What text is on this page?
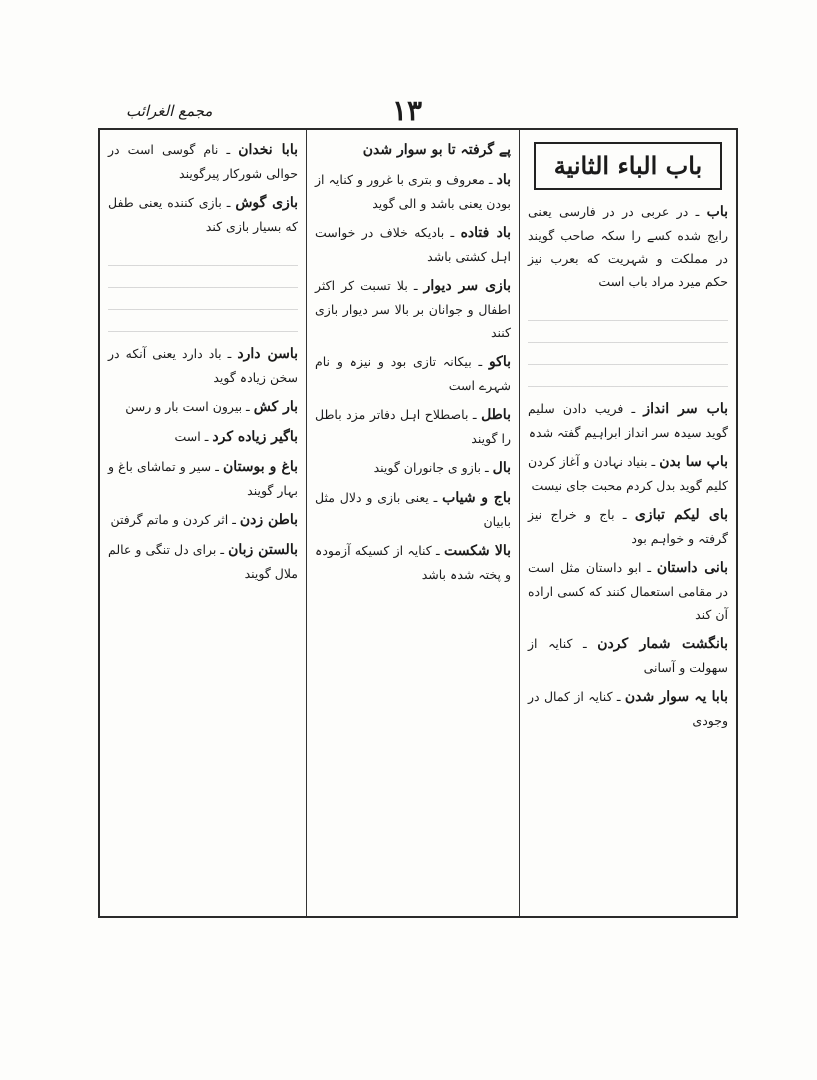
مجمع الغرائب	۱۳
باب الباء الثانیة
باب ـ در عربی در در فارسی یعنی رایج شده کسے را سکہ صاحب گویند در مملکت و شہریت که بعرب نیز حکم میرد مراد باب است
باب سر انداز ـ فریب دادن سلیم گوید سیدہ سر انداز ابراہیم گفتہ شدہ
باپ سا بدن ـ بنیاد نہادن و آغاز کردن کلیم گوید بدل کردم محبت جای نیست
بای لیکم تبازی ـ باج و خراج نیز گرفتہ و خواہم بود
بانی داستان ـ ابو داستان مثل است در مقامی استعمال کنند که کسی اراده آن کند
بانگشت شمار کردن ـ کنایہ از سهولت و آسانی
بابا یہ سوار شدن ـ کنایہ از کمال در وجودی
پے گرفتہ تا بو سوار شدن
باد ـ معروف و بتری با غرور و کنایہ از بودن یعنی باشد و الی گوید
باد فتاده ـ بادیکه خلاف در خواست اہل کشتی باشد
بازی سر دیوار ـ بلا تسبت کر اکثر اطفال و جوانان بر بالا سر دیوار بازی کنند
باکو ـ بیکانہ تازی بود و نیزہ و نام شہرے است
باطل ـ باصطلاح اہل دفاتر مزد باطل را گویند
بال ـ بازو ی جانوران گویند
باج و شیاب ـ یعنی بازی و دلال مثل بابیان
بالا شکست ـ کنایہ از کسیکه آزمودہ و پختہ شدہ باشد
بابا نخدان ـ نام گوسی است در حوالی شورکار پیرگویند
بازی گوش ـ بازی کننده یعنی طفل که بسیار بازی کند
باسن دارد ـ باد دارد یعنی آنکه در سخن زیادہ گوید
بار کش ـ بیرون است بار و رسن
باگیر زیاده کرد ـ است
باغ و بوستان ـ سیر و تماشای باغ و بہار گویند
باطن زدن ـ اثر کردن و ماتم گرفتن
بالستن زبان ـ برای دل تنگی و عالم ملال گویند
